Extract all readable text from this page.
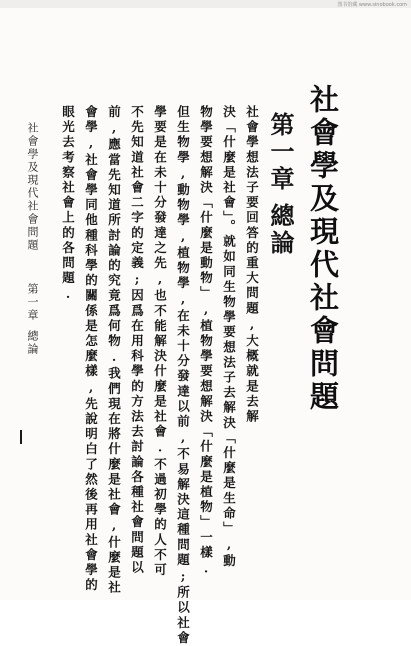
图书馆藏 www.sinobook.com
社會學及現代社會問題
第一章總論
社會學想法子要回答的重大問題,大概就是去解
決「什麼是社會」。就如同生物學要想法子去解決「什麼是生命」,動
物學要想解決「什麼是動物」,植物學要想解決「什麼是植物」一樣.
但生物學,動物學,植物學,在未十分發達以前,不易解決這種問題;所以社會
學要是在未十分發達之先,也不能解決什麼是社會.不過初學的人不可
不先知道社會二字的定義;因爲在用科學的方法去討論各種社會問題以
前,應當先知道所討論的究竟爲何物.我們現在將什麼是社會,什麼是社
會學,社會學同他種科學的關係是怎麼樣,先說明白了然後再用社會學的
眼光去考察社會上的各問題.
社會學及現代社會問題
第一章
總論
